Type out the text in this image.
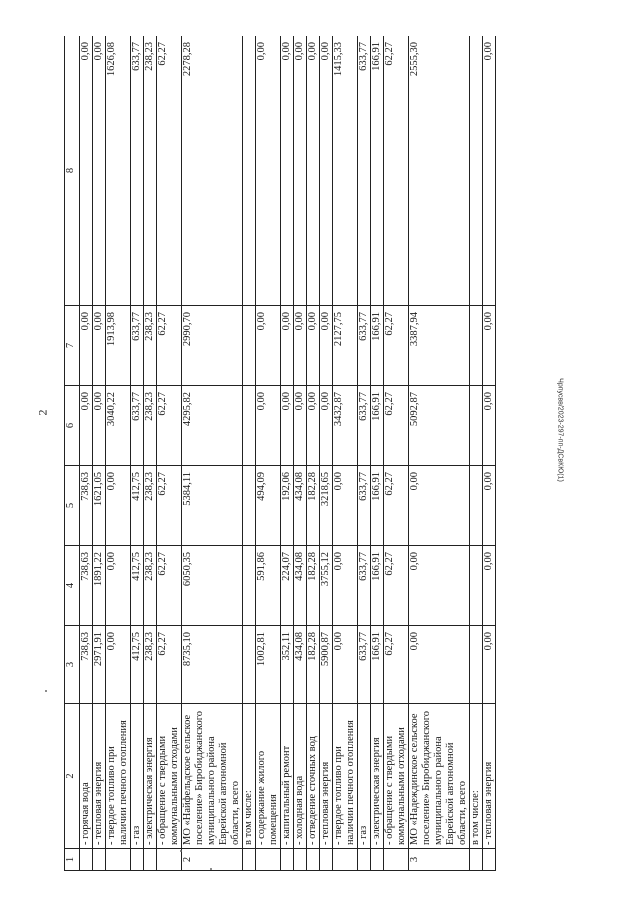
2
1	2	3	4	5	6	7	8
	- горячая вода	738,63	738,63	738,63	0,00	0,00	0,00
	- тепловая энергия	2971,91	1891,22	1621,05	0,00	0,00	0,00
	- твердое топливо при наличии печного отопления	0,00	0,00	0,00	3040,22	1913,98	1626,08
	- газ	412,75	412,75	412,75	633,77	633,77	633,77
	- электрическая энергия	238,23	238,23	238,23	238,23	238,23	238,23
	- обращение с твердыми коммунальными отходами	62,27	62,27	62,27	62,27	62,27	62,27
2	МО «Найфельдское сельское поселение» Биробиджанского муниципального района Еврейской автономной области, всего	8735,10	6050,35	5384,11	4295,82	2990,70	2278,28
	в том числе:						
	- содержание жилого помещения	1002,81	591,86	494,09	0,00	0,00	0,00
	- капитальный ремонт	352,11	224,07	192,06	0,00	0,00	0,00
	- холодная вода	434,08	434,08	434,08	0,00	0,00	0,00
	- отведение сточных вод	182,28	182,28	182,28	0,00	0,00	0,00
	- тепловая энергия	5900,87	3755,12	3218,65	0,00	0,00	0,00
	- твердое топливо при наличии печного отопления	0,00	0,00	0,00	3432,87	2127,75	1415,33
	- газ	633,77	633,77	633,77	633,77	633,77	633,77
	- электрическая энергия	166,91	166,91	166,91	166,91	166,91	166,91
	- обращение с твердыми коммунальными отходами	62,27	62,27	62,27	62,27	62,27	62,27
3	МО «Надеждинское сельское поселение» Биробиджанского муниципального района Еврейской автономной области, всего	0,00	0,00	0,00	5092,87	3387,94	2555,30
	в том числе:						
	- тепловая энергия	0,00	0,00	0,00	0,00	0,00	0,00
Чрпусвв/2023-297-пп-ДСвКЮ(1)
